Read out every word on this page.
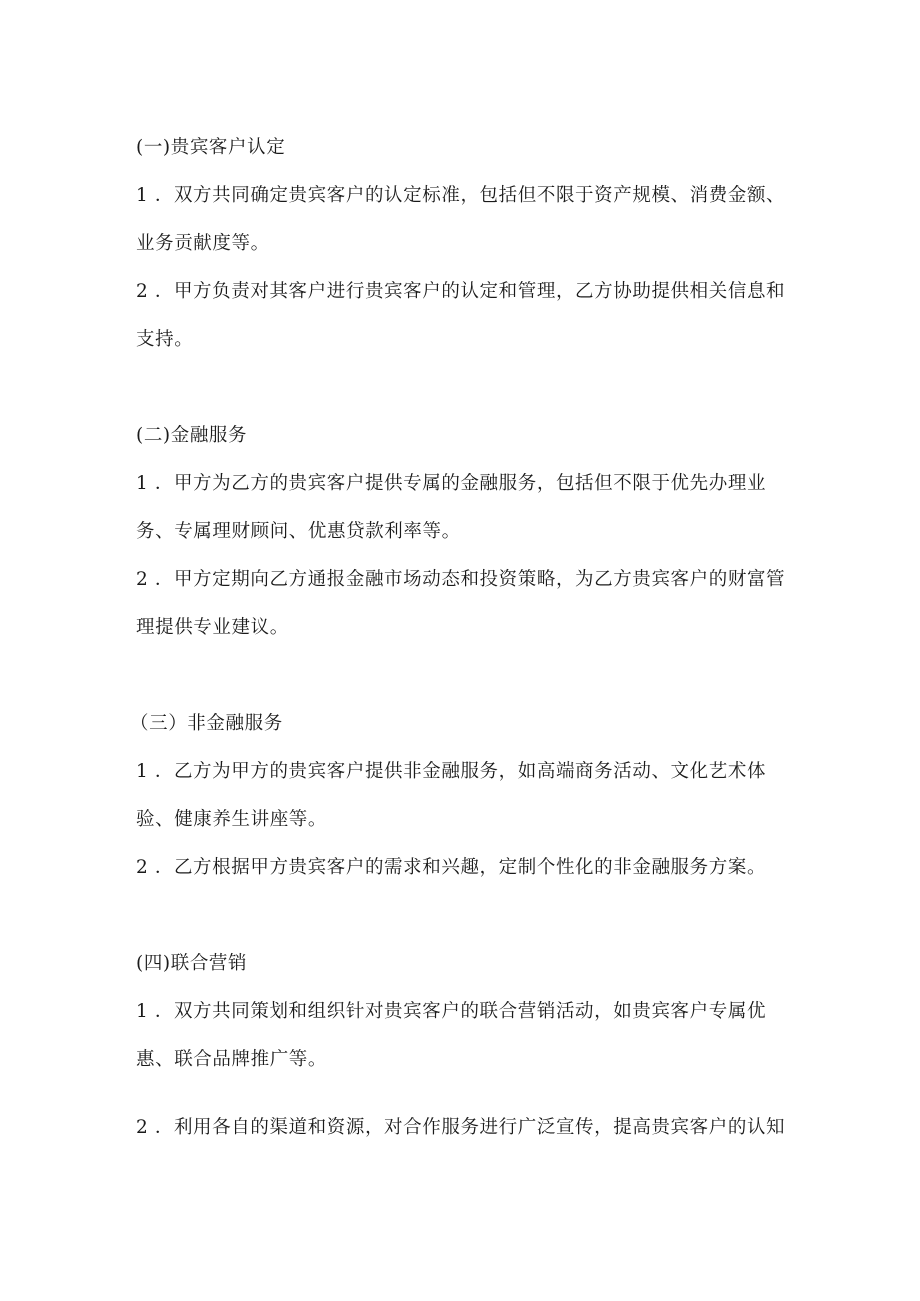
(一)贵宾客户认定
1 ．双方共同确定贵宾客户的认定标准，包括但不限于资产规模、消费金额、
业务贡献度等。
2 ．甲方负责对其客户进行贵宾客户的认定和管理，乙方协助提供相关信息和
支持。
(二)金融服务
1 ．甲方为乙方的贵宾客户提供专属的金融服务，包括但不限于优先办理业
务、专属理财顾问、优惠贷款利率等。
2 ．甲方定期向乙方通报金融市场动态和投资策略，为乙方贵宾客户的财富管
理提供专业建议。
（三）非金融服务
1 ．乙方为甲方的贵宾客户提供非金融服务，如高端商务活动、文化艺术体
验、健康养生讲座等。
2 ．乙方根据甲方贵宾客户的需求和兴趣，定制个性化的非金融服务方案。
(四)联合营销
1 ．双方共同策划和组织针对贵宾客户的联合营销活动，如贵宾客户专属优
惠、联合品牌推广等。
2 ．利用各自的渠道和资源，对合作服务进行广泛宣传，提高贵宾客户的认知
